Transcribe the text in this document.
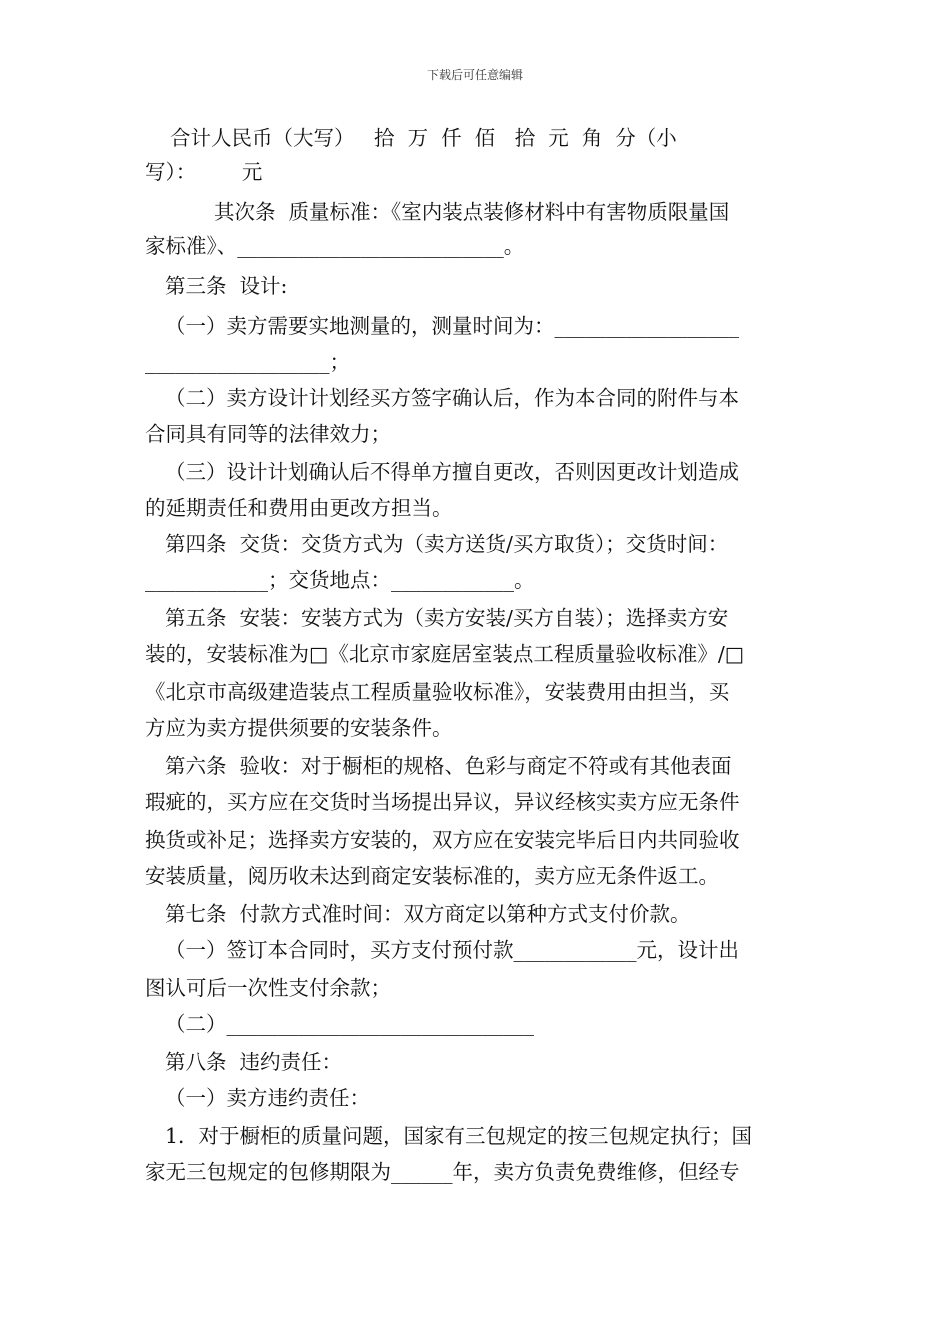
下载后可任意编辑
合计人民币（大写）   拾  万  仟  佰   拾  元  角  分（小
写）：       元
其次条  质量标准：《室内装点装修材料中有害物质限量国
家标准》、__________________________。
第三条  设计:
（一）卖方需要实地测量的，测量时间为：__________________
__________________；
（二）卖方设计计划经买方签字确认后，作为本合同的附件与本
合同具有同等的法律效力；
（三）设计计划确认后不得单方擅自更改，否则因更改计划造成
的延期责任和费用由更改方担当。
第四条  交货：交货方式为（卖方送货/买方取货）；交货时间：
____________；交货地点：____________。
第五条  安装：安装方式为（卖方安装/买方自装）；选择卖方安
装的，安装标准为□《北京市家庭居室装点工程质量验收标准》/□
《北京市高级建造装点工程质量验收标准》，安装费用由担当，买
方应为卖方提供须要的安装条件。
第六条  验收：对于橱柜的规格、色彩与商定不符或有其他表面
瑕疵的，买方应在交货时当场提出异议，异议经核实卖方应无条件
换货或补足；选择卖方安装的，双方应在安装完毕后日内共同验收
安装质量，阅历收未达到商定安装标准的，卖方应无条件返工。
第七条  付款方式准时间：双方商定以第种方式支付价款。
（一）签订本合同时，买方支付预付款____________元，设计出
图认可后一次性支付余款；
（二）______________________________
第八条  违约责任：
（一）卖方违约责任：
1．对于橱柜的质量问题，国家有三包规定的按三包规定执行；国
家无三包规定的包修期限为______年，卖方负责免费维修，但经专
